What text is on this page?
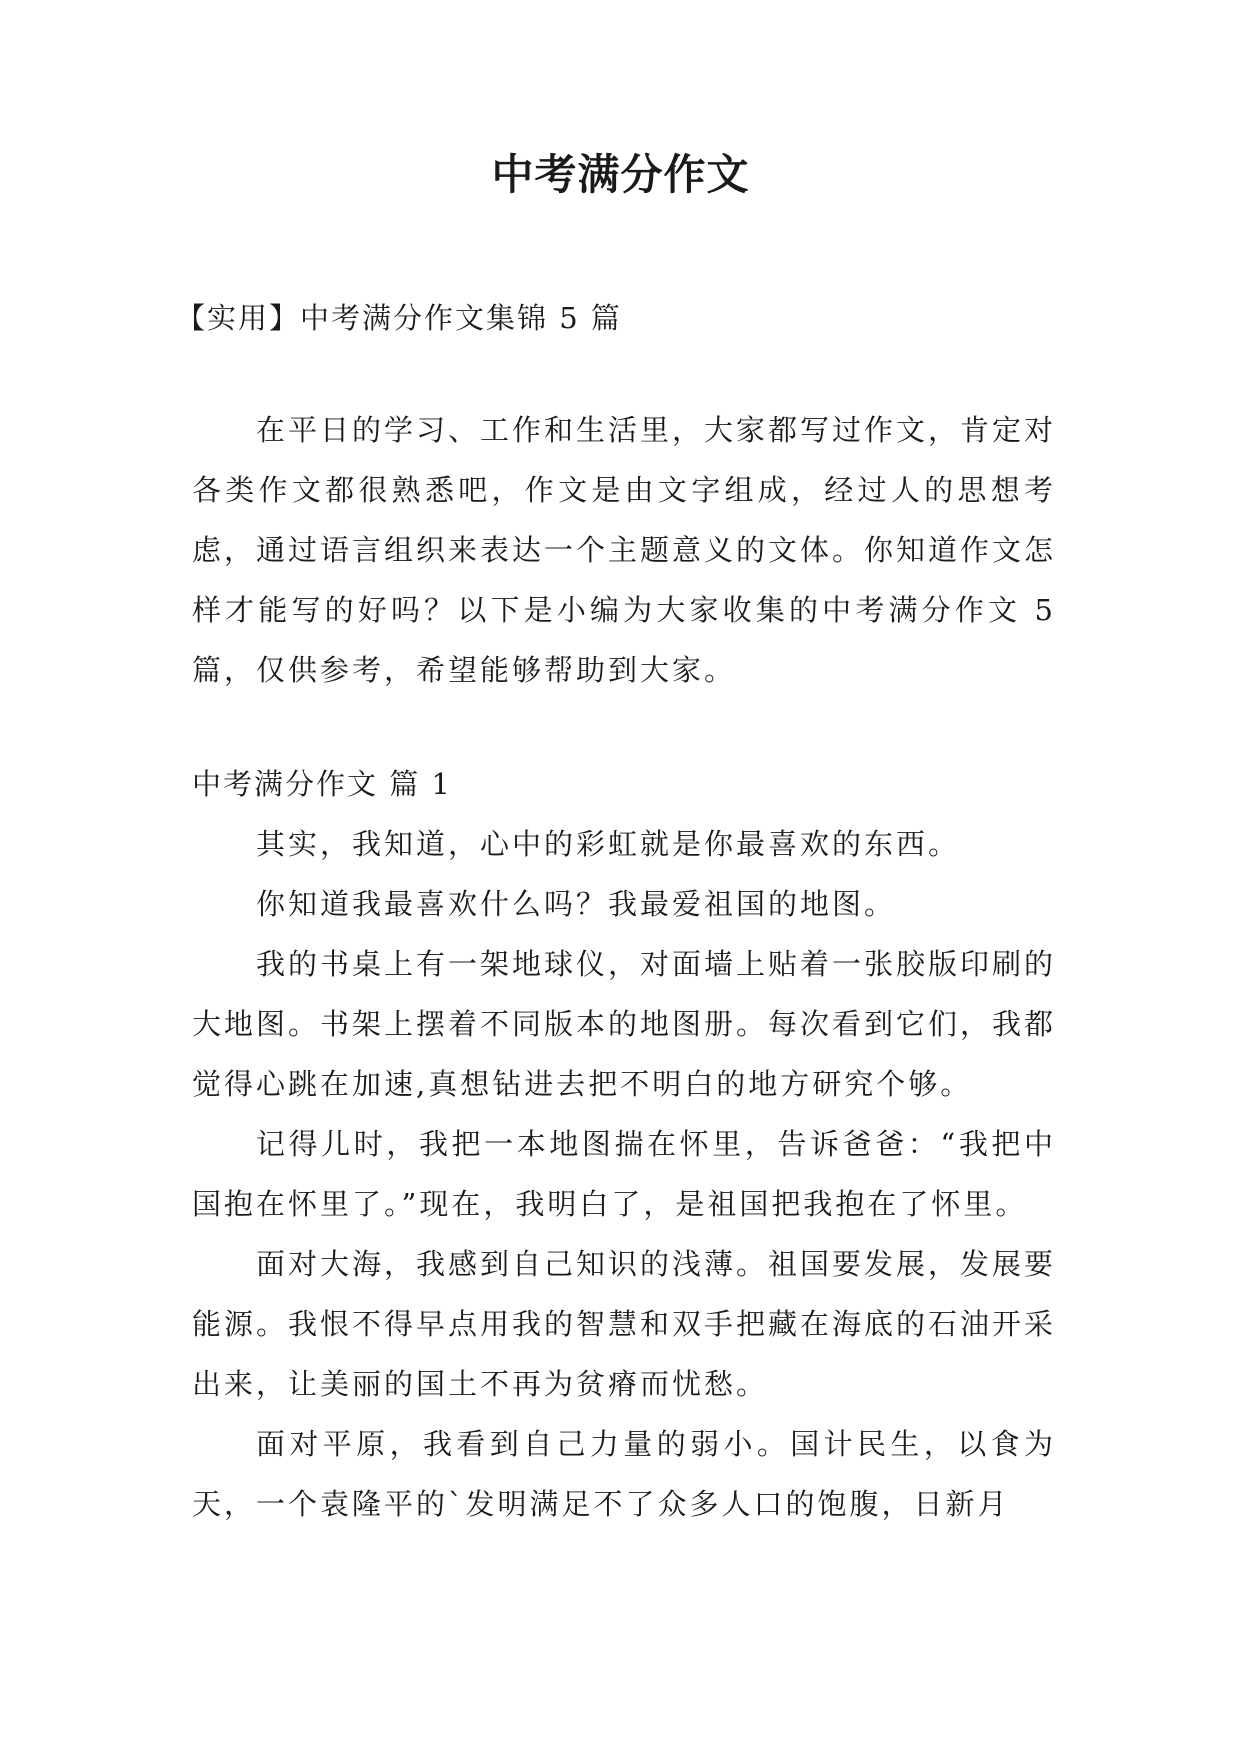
中考满分作文
【实用】中考满分作文集锦 5 篇

在平日的学习、工作和生活里，大家都写过作文，肯定对各类作文都很熟悉吧，作文是由文字组成，经过人的思想考虑，通过语言组织来表达一个主题意义的文体。你知道作文怎样才能写的好吗？以下是小编为大家收集的中考满分作文 5 篇，仅供参考，希望能够帮助到大家。

中考满分作文 篇 1

其实，我知道，心中的彩虹就是你最喜欢的东西。

你知道我最喜欢什么吗？我最爱祖国的地图。

我的书桌上有一架地球仪，对面墙上贴着一张胶版印刷的大地图。书架上摆着不同版本的地图册。每次看到它们，我都觉得心跳在加速,真想钻进去把不明白的地方研究个够。

记得儿时，我把一本地图揣在怀里，告诉爸爸：“我把中国抱在怀里了。”现在，我明白了，是祖国把我抱在了怀里。

面对大海，我感到自己知识的浅薄。祖国要发展，发展要能源。我恨不得早点用我的智慧和双手把藏在海底的石油开采出来，让美丽的国土不再为贫瘠而忧愁。

面对平原，我看到自己力量的弱小。国计民生，以食为天，一个袁隆平的`发明满足不了众多人口的饱腹，日新月
